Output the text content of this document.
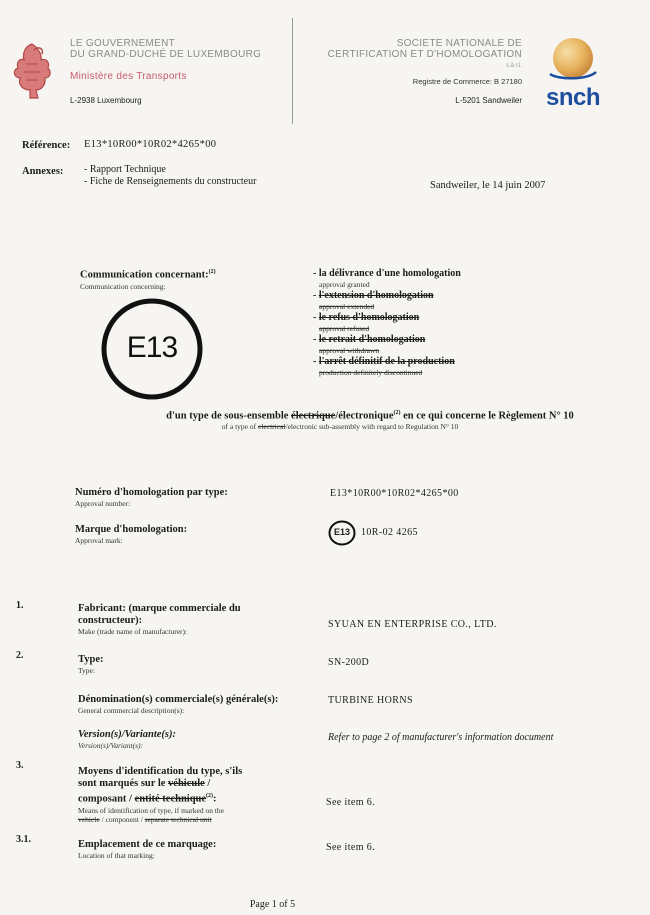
LE GOUVERNEMENT
DU GRAND-DUCHÉ DE LUXEMBOURG
Ministère des Transports
L-2938 Luxembourg
SOCIETE NATIONALE DE
CERTIFICATION ET D'HOMOLOGATION
s.à r.l.
Registre de Commerce: B 27180
L-5201 Sandweiler snch
Référence: E13*10R00*10R02*4265*00
Annexes: - Rapport Technique
- Fiche de Renseignements du constructeur	Sandweiler, le 14 juin 2007
Communication concernant:$^{(2)}$
Communication concerning:
E13
- la délivrance d'une homologation
approval granted
- l'extension d'homologation
approval extended
- le refus d'homologation
approval refused
- le retrait d'homologation
approval withdrawn
- l'arrêt définitif de la production
production definitely discontinued
d'un type de sous-ensemble électrique/électronique$^{(2)}$ en ce qui concerne le Règlement N° 10
of a type of electrical/electronic sub-assembly with regard to Regulation N° 10
Numéro d'homologation par type:
Approval number:
E13*10R00*10R02*4265*00
Marque d'homologation:
Approval mark:
E13	10R-02 4265
1.	Fabricant: (marque commerciale du
constructeur):
Make (trade name of manufacturer):
SYUAN EN ENTERPRISE CO., LTD.
2.	Type:
Type:
SN-200D
Dénomination(s) commerciale(s) générale(s):
General commercial description(s):
TURBINE HORNS
Version(s)/Variante(s):
Version(s)/Variant(s):
Refer to page 2 of manufacturer's information document
3.
Moyens d'identification du type, s'ils
sont marqués sur le véhicule /
composant / entité technique$^{(2)}$:
Means of identification of type, if marked on the
vehicle / component / separate technical unit
See item 6.
3.1.	Emplacement de ce marquage:
Location of that marking:
See item 6.
Page 1 of 5
